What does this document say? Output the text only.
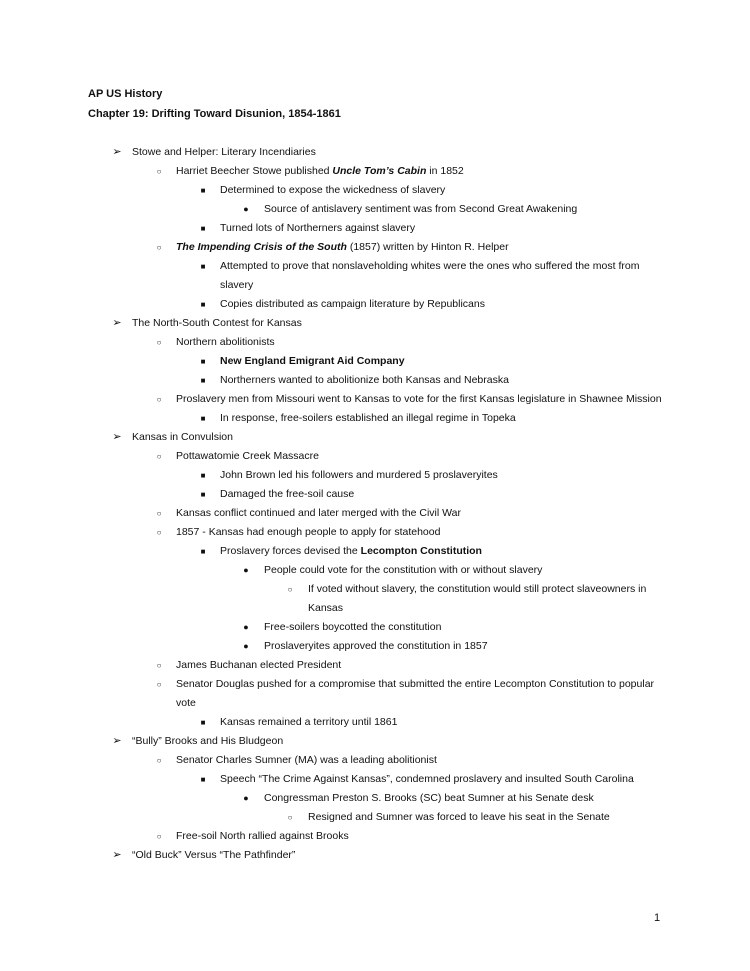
AP US History

Chapter 19: Drifting Toward Disunion, 1854-1861

➢ Stowe and Helper: Literary Incendiaries
○	Harriet Beecher Stowe published Uncle Tom’s Cabin in 1852
■	Determined to expose the wickedness of slavery
●	Source of antislavery sentiment was from Second Great Awakening
■	Turned lots of Northerners against slavery
○	The Impending Crisis of the South (1857) written by Hinton R. Helper
■	Attempted to prove that nonslaveholding whites were the ones who suffered the most from slavery
■	Copies distributed as campaign literature by Republicans
➢ The North-South Contest for Kansas
○	Northern abolitionists
■	New England Emigrant Aid Company
■	Northerners wanted to abolitionize both Kansas and Nebraska
○	Proslavery men from Missouri went to Kansas to vote for the first Kansas legislature in Shawnee Mission
■	In response, free-soilers established an illegal regime in Topeka
➢ Kansas in Convulsion
○	Pottawatomie Creek Massacre
■	John Brown led his followers and murdered 5 proslaveryites
■	Damaged the free-soil cause
○	Kansas conflict continued and later merged with the Civil War
○	1857 - Kansas had enough people to apply for statehood
■	Proslavery forces devised the Lecompton Constitution
●	People could vote for the constitution with or without slavery
○	If voted without slavery, the constitution would still protect slaveowners in Kansas
●	Free-soilers boycotted the constitution
●	Proslaveryites approved the constitution in 1857
○	James Buchanan elected President
○	Senator Douglas pushed for a compromise that submitted the entire Lecompton Constitution to popular vote
■	Kansas remained a territory until 1861
➢ “Bully” Brooks and His Bludgeon
○	Senator Charles Sumner (MA) was a leading abolitionist
■	Speech “The Crime Against Kansas”, condemned proslavery and insulted South Carolina
●	Congressman Preston S. Brooks (SC) beat Sumner at his Senate desk
○	Resigned and Sumner was forced to leave his seat in the Senate
○	Free-soil North rallied against Brooks
➢ “Old Buck” Versus “The Pathfinder”

1
